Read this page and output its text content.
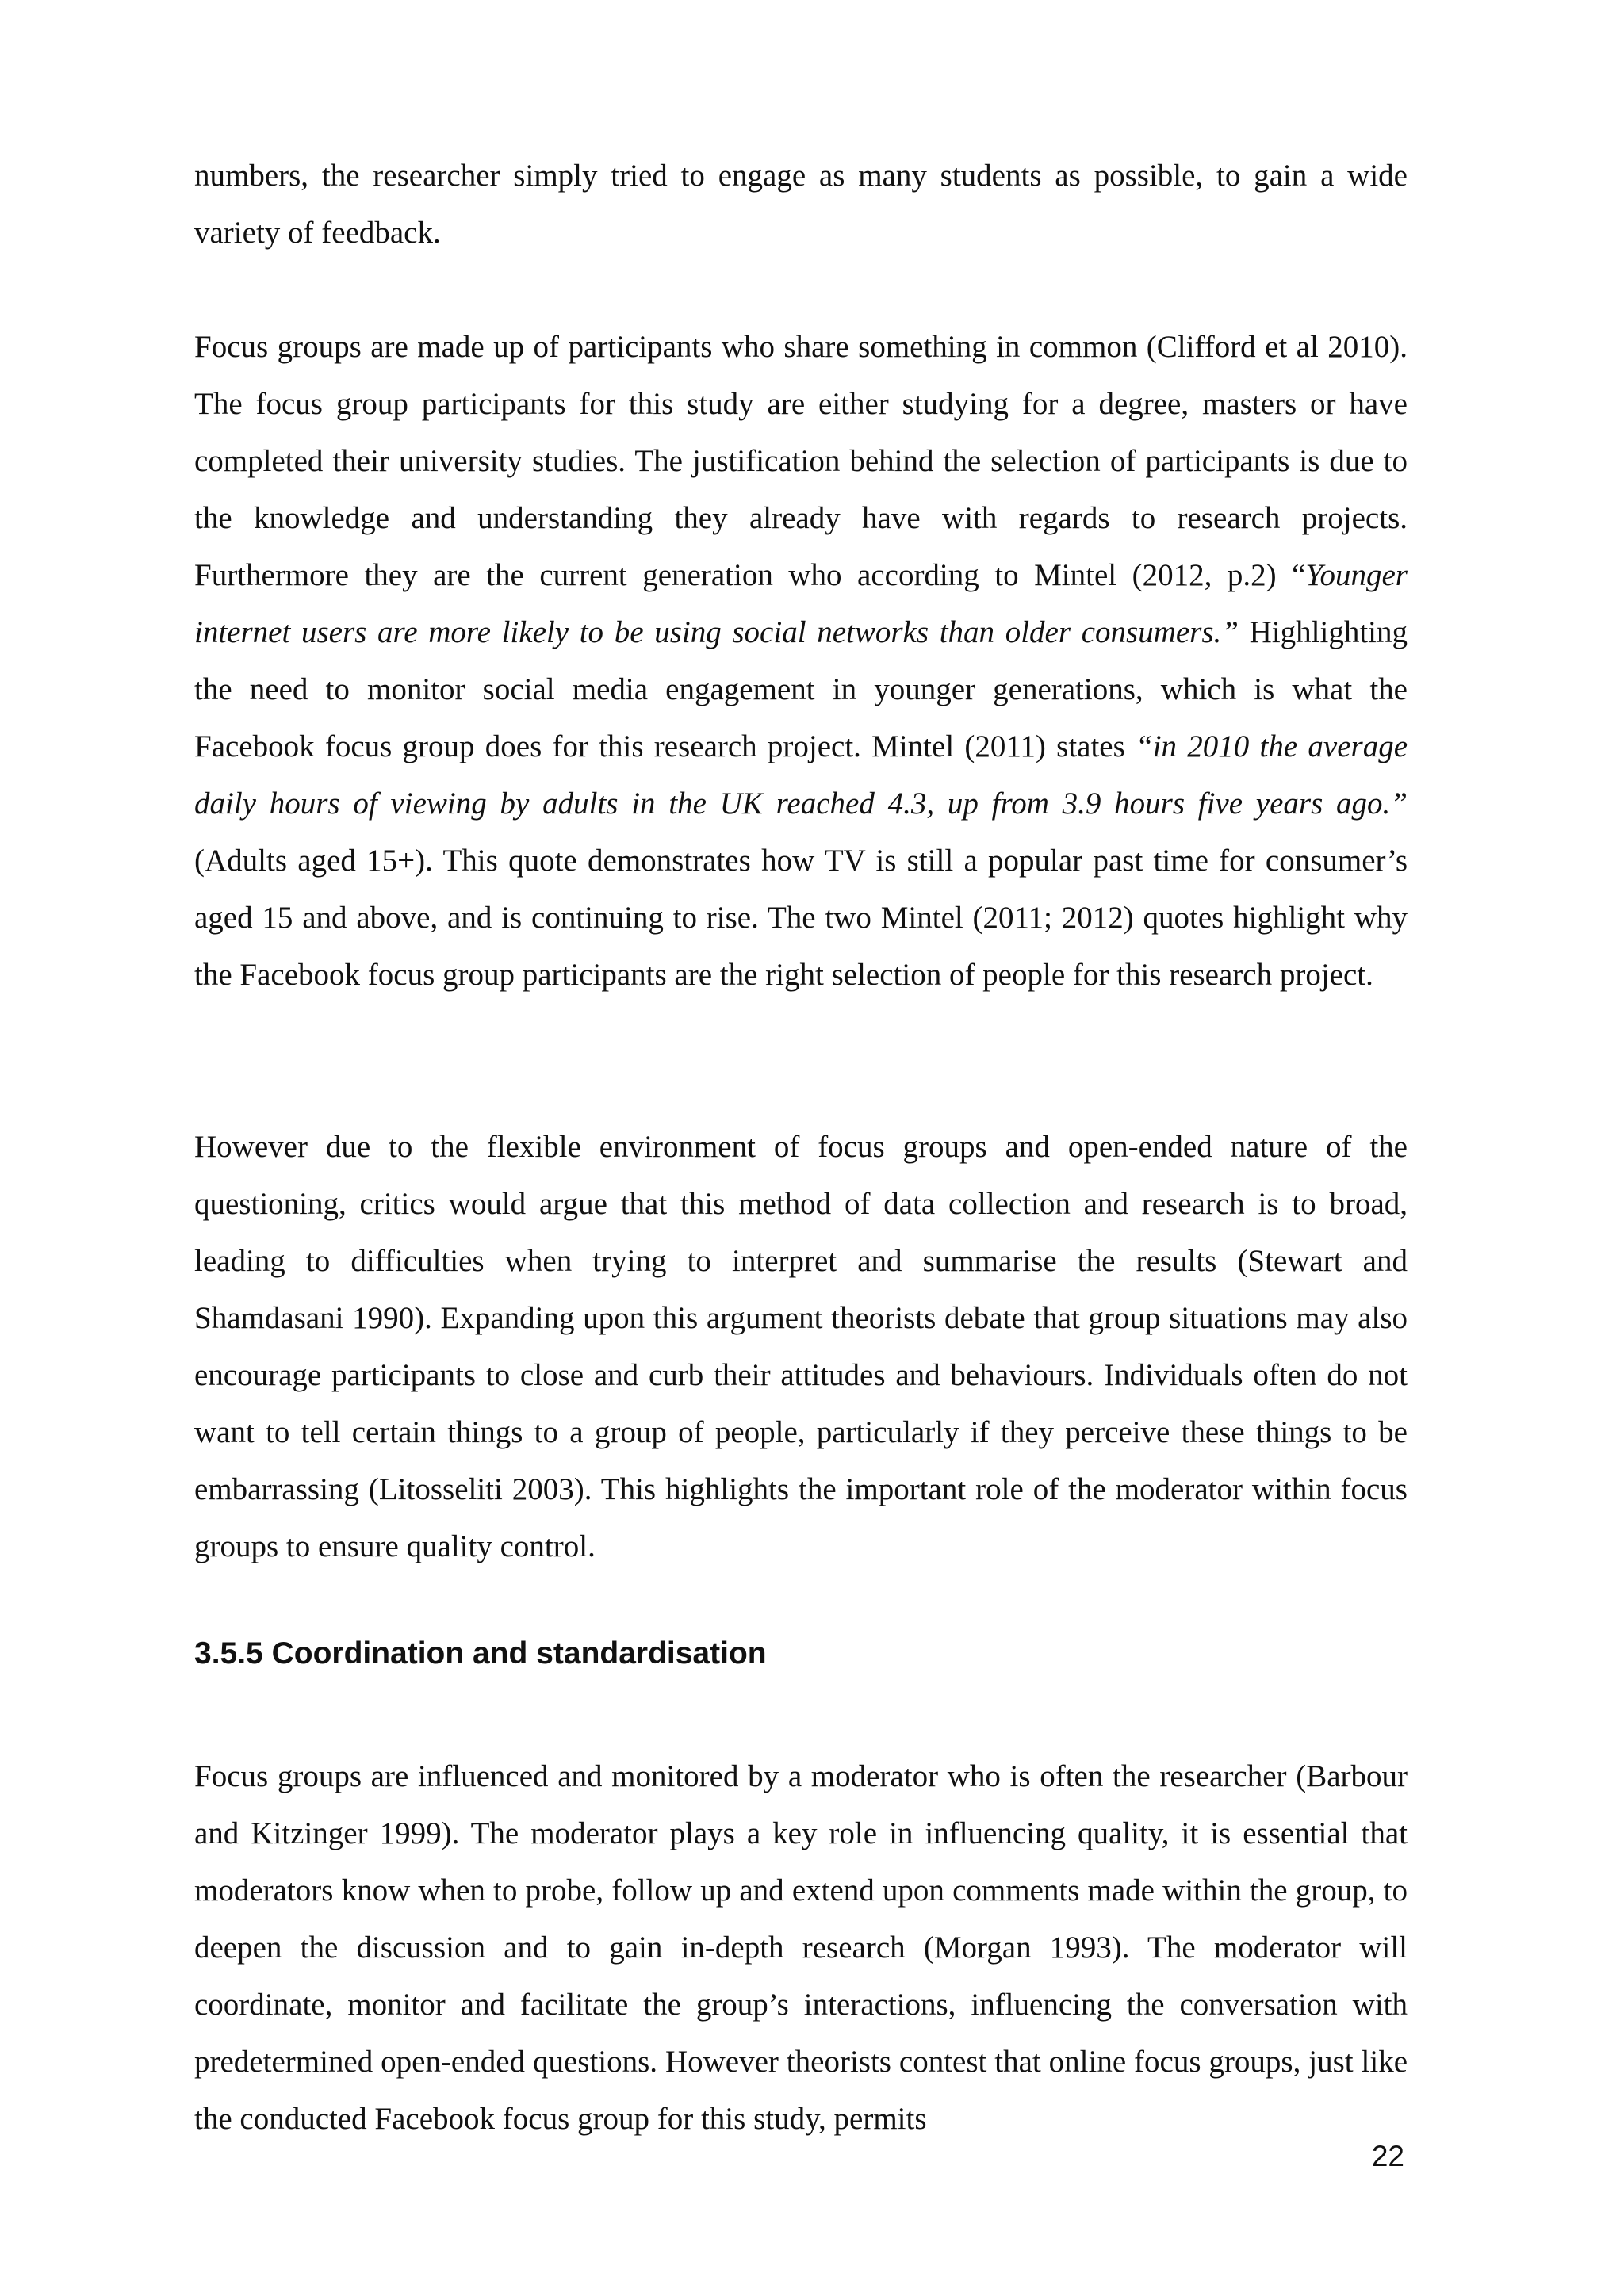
numbers, the researcher simply tried to engage as many students as possible, to gain a wide variety of feedback.

Focus groups are made up of participants who share something in common (Clifford et al 2010). The focus group participants for this study are either studying for a degree, masters or have completed their university studies. The justification behind the selection of participants is due to the knowledge and understanding they already have with regards to research projects. Furthermore they are the current generation who according to Mintel (2012, p.2) “Younger internet users are more likely to be using social networks than older consumers.” Highlighting the need to monitor social media engagement in younger generations, which is what the Facebook focus group does for this research project. Mintel (2011) states “in 2010 the average daily hours of viewing by adults in the UK reached 4.3, up from 3.9 hours five years ago.” (Adults aged 15+). This quote demonstrates how TV is still a popular past time for consumer’s aged 15 and above, and is continuing to rise. The two Mintel (2011; 2012) quotes highlight why the Facebook focus group participants are the right selection of people for this research project.

However due to the flexible environment of focus groups and open-ended nature of the questioning, critics would argue that this method of data collection and research is to broad, leading to difficulties when trying to interpret and summarise the results (Stewart and Shamdasani 1990). Expanding upon this argument theorists debate that group situations may also encourage participants to close and curb their attitudes and behaviours. Individuals often do not want to tell certain things to a group of people, particularly if they perceive these things to be embarrassing (Litosseliti 2003). This highlights the important role of the moderator within focus groups to ensure quality control.

3.5.5 Coordination and standardisation

Focus groups are influenced and monitored by a moderator who is often the researcher (Barbour and Kitzinger 1999). The moderator plays a key role in influencing quality, it is essential that moderators know when to probe, follow up and extend upon comments made within the group, to deepen the discussion and to gain in-depth research (Morgan 1993). The moderator will coordinate, monitor and facilitate the group’s interactions, influencing the conversation with predetermined open-ended questions. However theorists contest that online focus groups, just like the conducted Facebook focus group for this study, permits

22
